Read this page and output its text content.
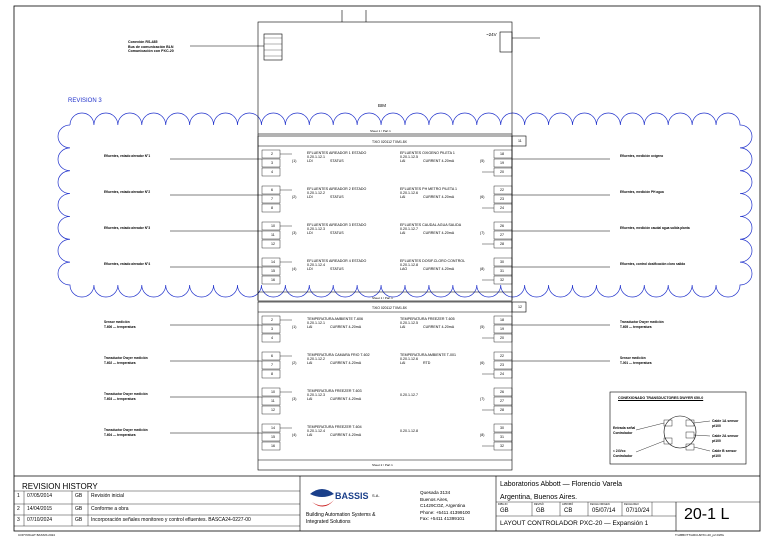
REVISION 3
Conexión RS-485
Bus de comunicación BLN
Comunicación con PXC-20
~24V
BIM
Sheet 1 / Part 1
TXIO 020112 TXM1.8X	11
Sheet 1 / Part 1
TXIO 020112 TXM1.8X	12
Sheet 2 / Part 1
CONEXIONADO TRANSDUCTORES DWYER 650-0
Entrada señal
Controlador
≈ 24Vcc
Controlador
Cable 1A sensor
pt100
Cable 2A sensor
pt100
Cable B sensor
pt100
REVISION HISTORY
BASSIS S.A.
Building Automation Systems &
Integrated Solutions
Laboratorios Abbott — Florencio Varela
Argentina, Buenos Aires.
LAYOUT CONTROLADOR PXC-20 — Expansión 1
20-1 L
COPYRIGHT BASSIS 2024	T:\ABBOTT\ARCH\PXC-20_p2.DWG
2	18
3	19
4	20
(1)	(5)
EFLUENTES AIREADOR 1 ESTADO
0.20.1.12.1
LDI	STATUS
EFLUENTES OXIGENO PILETA 1
0.20.1.12.5
LAI	CURRENT 4-20mA
Efluentes, estado aireador N°1	Efluentes, medición oxígeno
6	22
7	23
8	24
(2)	(6)
EFLUENTES AIREADOR 2 ESTADO
0.20.1.12.2
LDI	STATUS
EFLUENTES PH METRO PILETA 1
0.20.1.12.6
LAI	CURRENT 4-20mA
Efluentes, estado aireador N°2	Efluentes, medición PH agua
10	26
11	27
12	28
(3)	(7)
EFLUENTES AIREADOR 3 ESTADO
0.20.1.12.3
LDI	STATUS
EFLUENTES CAUDAL AGUA SALIDA
0.20.1.12.7
LAI	CURRENT 4-20mA
Efluentes, estado aireador N°3	Efluentes, medición caudal agua salida planta
14	30
15	31
16	32
(4)	(8)
EFLUENTES AIREADOR 4 ESTADO
0.20.1.12.4
LDI	STATUS
EFLUENTES DOSIF.CLORO CONTROL
0.20.1.12.8
LAO	CURRENT 4-20mA
Efluentes, estado aireador N°4	Efluentes, control dosificación cloro salida
2	18
3	19
4	20
(1)	(5)
TEMPERATURA AMBIENTE T-606
0.20.1.12.1
LAI	CURRENT 4-20mA
TEMPERATURA FREEZER T-605
0.20.1.12.5
LAI	CURRENT 4-20mA
Sensor medición
T-606 — temperatura
Transductor Dwyer medición
T-605 — temperatura
6	22
7	23
8	24
(2)	(6)
TEMPERATURA CAMARA FRIO T-602
0.20.1.12.2
LAI	CURRENT 4-20mA
TEMPERATURA AMBIENTE T-001
0.20.1.12.6
LAI	RTD
Transductor Dwyer medición
T-602 — temperatura
Sensor medición
T-001 — temperatura
10	26
11	27
12	28
(3)	(7)
TEMPERATURA FREEZER T-603
0.20.1.12.3
LAI	CURRENT 4-20mA
0.20.1.12.7
Transductor Dwyer medición
T-603 — temperatura
14	30
15	31
16	32
(4)	(8)
TEMPERATURA FREEZER T-604
0.20.1.12.4
LAI	CURRENT 4-20mA
0.20.1.12.8
Transductor Dwyer medición
T-604 — temperatura
1 07/05/2014	GB Revisión inicial
2 14/04/2015	GB Conforme a obra
3 07/10/2024	GB Incorporación señales monitoreo y control efluentes. BASCA24-0227-00
Quesada 3134
Buenos Aires,
C1429COZ, Argentina
Phone: +5411 41399100
Fax: +5411 41399101
DIBUJO
GB
REVISÓ
GB
APROBÓ
CB
FECHA ORIGEN
05/07/14
FECHA REV.
07/10/24
